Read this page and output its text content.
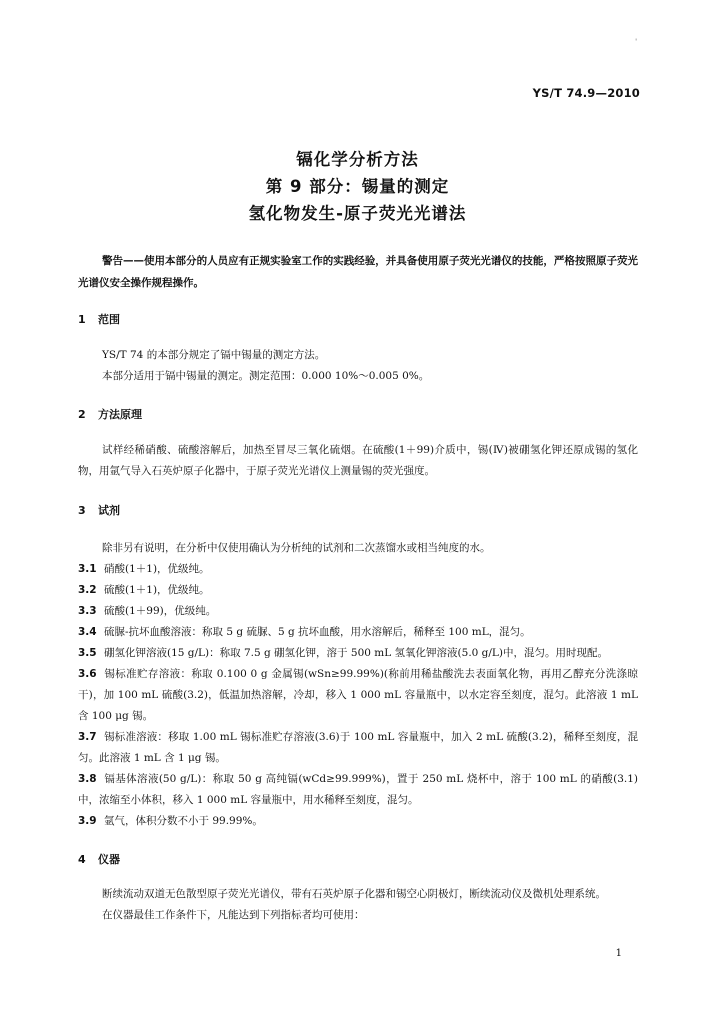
'
YS/T 74.9—2010
镉化学分析方法
第 9 部分：锡量的测定
氢化物发生-原子荧光光谱法
警告——使用本部分的人员应有正规实验室工作的实践经验，并具备使用原子荧光光谱仪的技能，严格按照原子荧光光谱仪安全操作规程操作。
1 范围

YS/T 74 的本部分规定了镉中锡量的测定方法。

本部分适用于镉中锡量的测定。测定范围：0.000 10%～0.005 0%。

2 方法原理

试样经稀硝酸、硫酸溶解后，加热至冒尽三氧化硫烟。在硫酸(1＋99)介质中，锡(Ⅳ)被硼氢化钾还原成锡的氢化物，用氩气导入石英炉原子化器中，于原子荧光光谱仪上测量锡的荧光强度。

3 试剂

除非另有说明，在分析中仅使用确认为分析纯的试剂和二次蒸馏水或相当纯度的水。

3.1 硝酸(1＋1)，优级纯。

3.2 硫酸(1＋1)，优级纯。

3.3 硫酸(1＋99)，优级纯。

3.4 硫脲-抗坏血酸溶液：称取 5 g 硫脲、5 g 抗坏血酸，用水溶解后，稀释至 100 mL，混匀。

3.5 硼氢化钾溶液(15 g/L)：称取 7.5 g 硼氢化钾，溶于 500 mL 氢氧化钾溶液(5.0 g/L)中，混匀。用时现配。

3.6 锡标准贮存溶液：称取 0.100 0 g 金属锡(wSn≥99.99%)(称前用稀盐酸洗去表面氧化物，再用乙醇充分洗涤晾干)，加 100 mL 硫酸(3.2)，低温加热溶解，冷却，移入 1 000 mL 容量瓶中，以水定容至刻度，混匀。此溶液 1 mL 含 100 μg 锡。

3.7 锡标准溶液：移取 1.00 mL 锡标准贮存溶液(3.6)于 100 mL 容量瓶中，加入 2 mL 硫酸(3.2)，稀释至刻度，混匀。此溶液 1 mL 含 1 μg 锡。

3.8 镉基体溶液(50 g/L)：称取 50 g 高纯镉(wCd≥99.999%)，置于 250 mL 烧杯中，溶于 100 mL 的硝酸(3.1)中，浓缩至小体积，移入 1 000 mL 容量瓶中，用水稀释至刻度，混匀。

3.9 氩气，体积分数不小于 99.99%。

4 仪器

断续流动双道无色散型原子荧光光谱仪，带有石英炉原子化器和锡空心阴极灯，断续流动仪及微机处理系统。

在仪器最佳工作条件下，凡能达到下列指标者均可使用：

1
